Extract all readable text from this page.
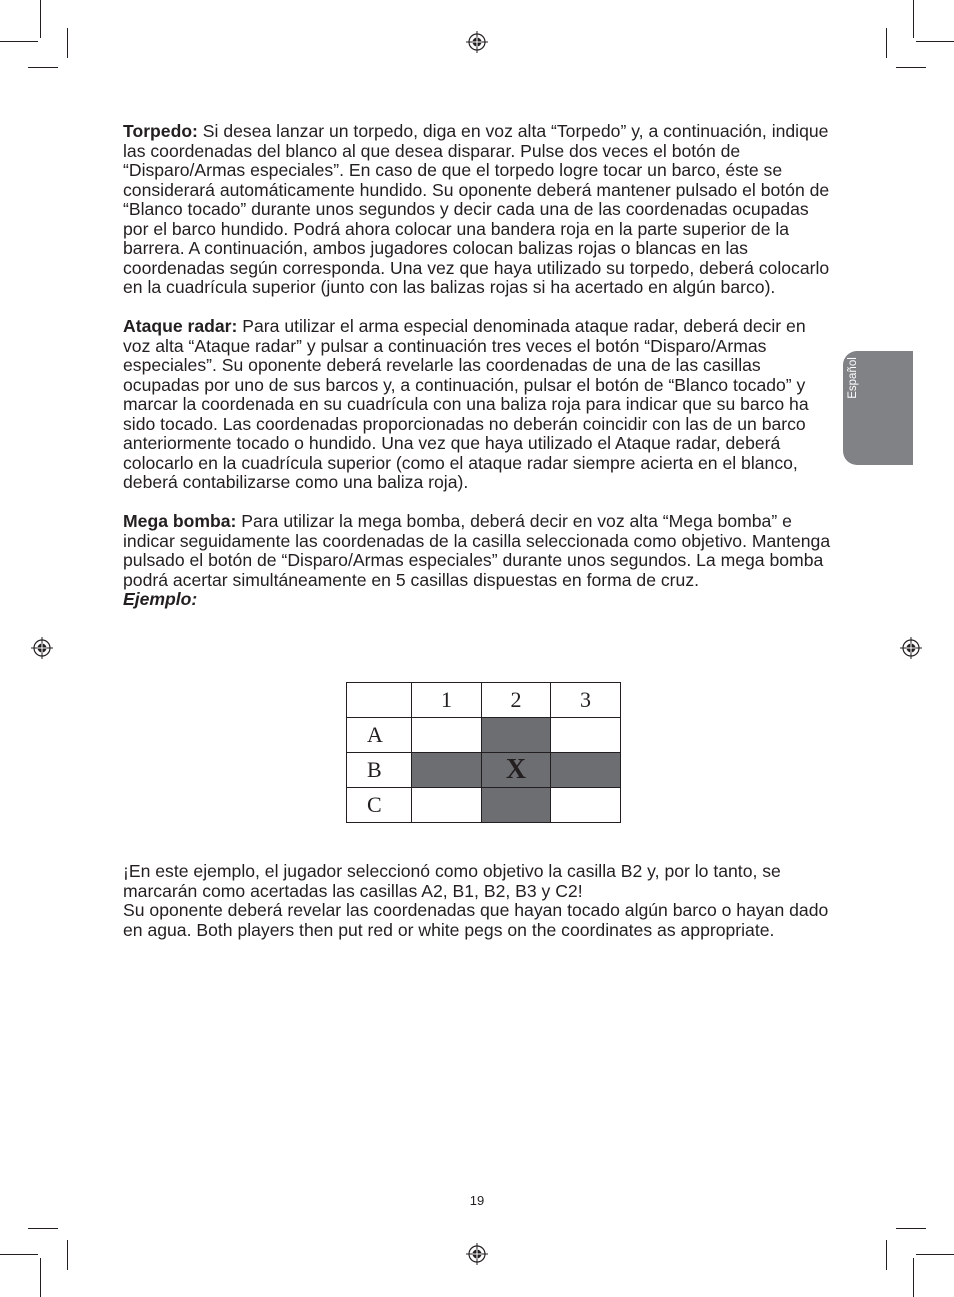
Español

Torpedo: Si desea lanzar un torpedo, diga en voz alta “Torpedo” y, a continuación, indique las coordenadas del blanco al que desea disparar. Pulse dos veces el botón de “Disparo/Armas especiales”. En caso de que el torpedo logre tocar un barco, éste se considerará automáticamente hundido. Su oponente deberá mantener pulsado el botón de “Blanco tocado” durante unos segundos y decir cada una de las coordenadas ocupadas por el barco hundido. Podrá ahora colocar una bandera roja en la parte superior de la barrera. A continuación, ambos jugadores colocan balizas rojas o blancas en las coordenadas según corresponda. Una vez que haya utilizado su torpedo, deberá colocarlo en la cuadrícula superior (junto con las balizas rojas si ha acertado en algún barco).

Ataque radar: Para utilizar el arma especial denominada ataque radar, deberá decir en voz alta “Ataque radar” y pulsar a continuación tres veces el botón “Disparo/Armas especiales”. Su oponente deberá revelarle las coordenadas de una de las casillas ocupadas por uno de sus barcos y, a continuación, pulsar el botón de “Blanco tocado” y marcar la coordenada en su cuadrícula con una baliza roja para indicar que su barco ha sido tocado. Las coordenadas proporcionadas no deberán coincidir con las de un barco anteriormente tocado o hundido. Una vez que haya utilizado el Ataque radar, deberá colocarlo en la cuadrícula superior (como el ataque radar siempre acierta en el blanco, deberá contabilizarse como una baliza roja).

Mega bomba: Para utilizar la mega bomba, deberá decir en voz alta “Mega bomba” e indicar seguidamente las coordenadas de la casilla seleccionada como objetivo. Mantenga pulsado el botón de “Disparo/Armas especiales” durante unos segundos. La mega bomba podrá acertar simultáneamente en 5 casillas dispuestas en forma de cruz.

Ejemplo:

	1	2	3
A			
B		X	
C			
¡En este ejemplo, el jugador seleccionó como objetivo la casilla B2 y, por lo tanto, se marcarán como acertadas las casillas A2, B1, B2, B3 y C2!
Su oponente deberá revelar las coordenadas que hayan tocado algún barco o hayan dado en agua. Both players then put red or white pegs on the coordinates as appropriate.
19
